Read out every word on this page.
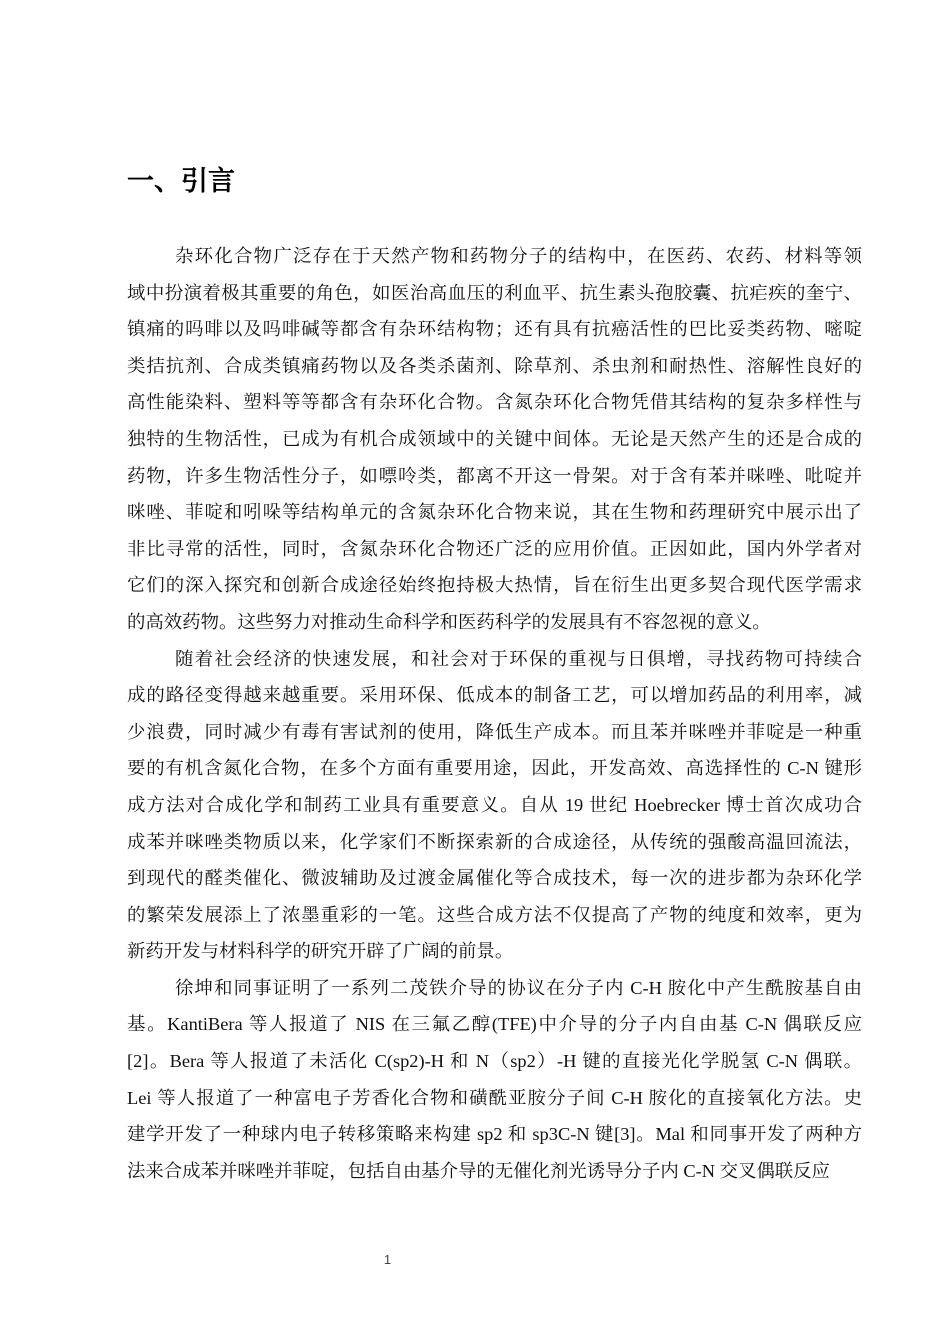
一、引言
杂环化合物广泛存在于天然产物和药物分子的结构中，在医药、农药、材料等领
域中扮演着极其重要的角色，如医治高血压的利血平、抗生素头孢胶囊、抗疟疾的奎宁、
镇痛的吗啡以及吗啡碱等都含有杂环结构物；还有具有抗癌活性的巴比妥类药物、嘧啶
类拮抗剂、合成类镇痛药物以及各类杀菌剂、除草剂、杀虫剂和耐热性、溶解性良好的
高性能染料、塑料等等都含有杂环化合物。含氮杂环化合物凭借其结构的复杂多样性与
独特的生物活性，已成为有机合成领域中的关键中间体。无论是天然产生的还是合成的
药物，许多生物活性分子，如嘌呤类，都离不开这一骨架。对于含有苯并咪唑、吡啶并
咪唑、菲啶和吲哚等结构单元的含氮杂环化合物来说，其在生物和药理研究中展示出了
非比寻常的活性，同时，含氮杂环化合物还广泛的应用价值。正因如此，国内外学者对
它们的深入探究和创新合成途径始终抱持极大热情，旨在衍生出更多契合现代医学需求
的高效药物。这些努力对推动生命科学和医药科学的发展具有不容忽视的意义。
随着社会经济的快速发展，和社会对于环保的重视与日俱增，寻找药物可持续合
成的路径变得越来越重要。采用环保、低成本的制备工艺，可以增加药品的利用率，减
少浪费，同时减少有毒有害试剂的使用，降低生产成本。而且苯并咪唑并菲啶是一种重
要的有机含氮化合物，在多个方面有重要用途，因此，开发高效、高选择性的 C-N 键形
成方法对合成化学和制药工业具有重要意义。自从 19 世纪 Hoebrecker 博士首次成功合
成苯并咪唑类物质以来，化学家们不断探索新的合成途径，从传统的强酸高温回流法，
到现代的醛类催化、微波辅助及过渡金属催化等合成技术，每一次的进步都为杂环化学
的繁荣发展添上了浓墨重彩的一笔。这些合成方法不仅提高了产物的纯度和效率，更为
新药开发与材料科学的研究开辟了广阔的前景。
徐坤和同事证明了一系列二茂铁介导的协议在分子内 C-H 胺化中产生酰胺基自由
基。KantiBera 等人报道了 NIS 在三氟乙醇(TFE)中介导的分子内自由基 C-N 偶联反应
[2]。Bera 等人报道了未活化 C(sp2)-H 和 N（sp2）-H 键的直接光化学脱氢 C-N 偶联。
Lei 等人报道了一种富电子芳香化合物和磺酰亚胺分子间 C-H 胺化的直接氧化方法。史
建学开发了一种球内电子转移策略来构建 sp2 和 sp3C-N 键[3]。Mal 和同事开发了两种方
法来合成苯并咪唑并菲啶，包括自由基介导的无催化剂光诱导分子内 C-N 交叉偶联反应
1
